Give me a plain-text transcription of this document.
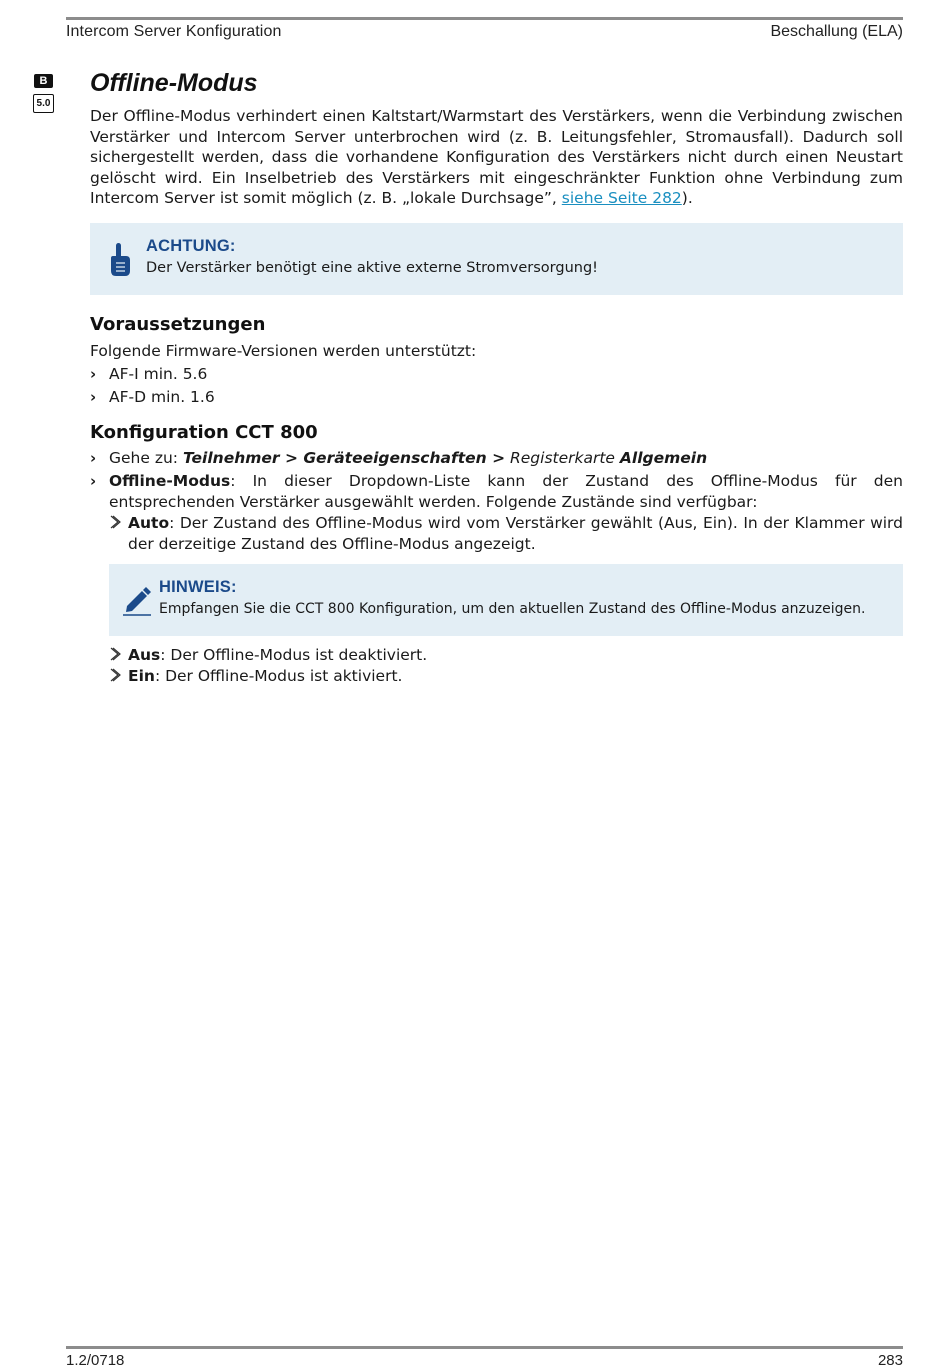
Intercom Server Konfiguration	Beschallung (ELA)
B
5.0
Offline-Modus

Der Offline-Modus verhindert einen Kaltstart/Warmstart des Verstärkers, wenn die Verbindung zwischen Verstärker und Intercom Server unterbrochen wird (z. B. Leitungsfehler, Stromausfall). Dadurch soll sichergestellt werden, dass die vorhandene Konfiguration des Verstärkers nicht durch einen Neustart gelöscht wird. Ein Inselbetrieb des Verstärkers mit eingeschränkter Funktion ohne Verbindung zum Intercom Server ist somit möglich (z. B. „lokale Durchsage”, siehe Seite 282).

ACHTUNG:
Der Verstärker benötigt eine aktive externe Stromversorgung!
Voraussetzungen

Folgende Firmware-Versionen werden unterstützt:

› AF-I min. 5.6
› AF-D min. 1.6
Konfiguration CCT 800
› Gehe zu: Teilnehmer > Geräteeigenschaften > Registerkarte Allgemein
› Offline-Modus: In dieser Dropdown-Liste kann der Zustand des Offline-Modus für den entsprechenden Verstärker ausgewählt werden. Folgende Zustände sind verfügbar:
Auto: Der Zustand des Offline-Modus wird vom Verstärker gewählt (Aus, Ein). In der Klammer wird der derzeitige Zustand des Offline-Modus angezeigt.
HINWEIS:
Empfangen Sie die CCT 800 Konfiguration, um den aktuellen Zustand des Offline-Modus anzuzeigen.
Aus: Der Offline-Modus ist deaktiviert.
Ein: Der Offline-Modus ist aktiviert.
1.2/0718	283
